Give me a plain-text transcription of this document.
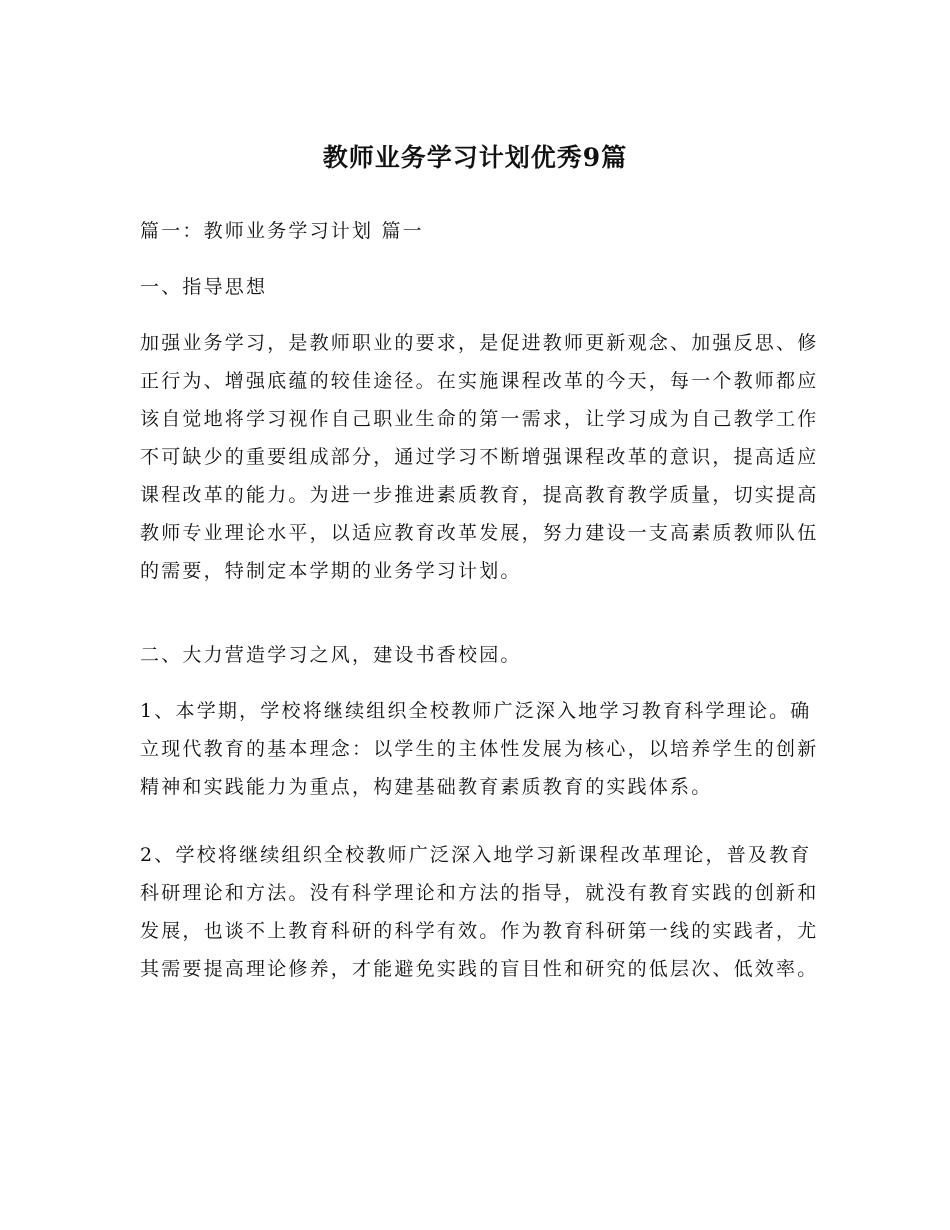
教师业务学习计划优秀9篇

篇一：教师业务学习计划 篇一

一、指导思想

加强业务学习，是教师职业的要求，是促进教师更新观念、加强反思、修正行为、增强底蕴的较佳途径。在实施课程改革的今天，每一个教师都应该自觉地将学习视作自己职业生命的第一需求，让学习成为自己教学工作不可缺少的重要组成部分，通过学习不断增强课程改革的意识，提高适应课程改革的能力。为进一步推进素质教育，提高教育教学质量，切实提高教师专业理论水平，以适应教育改革发展，努力建设一支高素质教师队伍的需要，特制定本学期的业务学习计划。

二、大力营造学习之风，建设书香校园。

1、本学期，学校将继续组织全校教师广泛深入地学习教育科学理论。确立现代教育的基本理念：以学生的主体性发展为核心，以培养学生的创新精神和实践能力为重点，构建基础教育素质教育的实践体系。

2、学校将继续组织全校教师广泛深入地学习新课程改革理论，普及教育科研理论和方法。没有科学理论和方法的指导，就没有教育实践的创新和发展，也谈不上教育科研的科学有效。作为教育科研第一线的实践者，尤其需要提高理论修养，才能避免实践的盲目性和研究的低层次、低效率。
